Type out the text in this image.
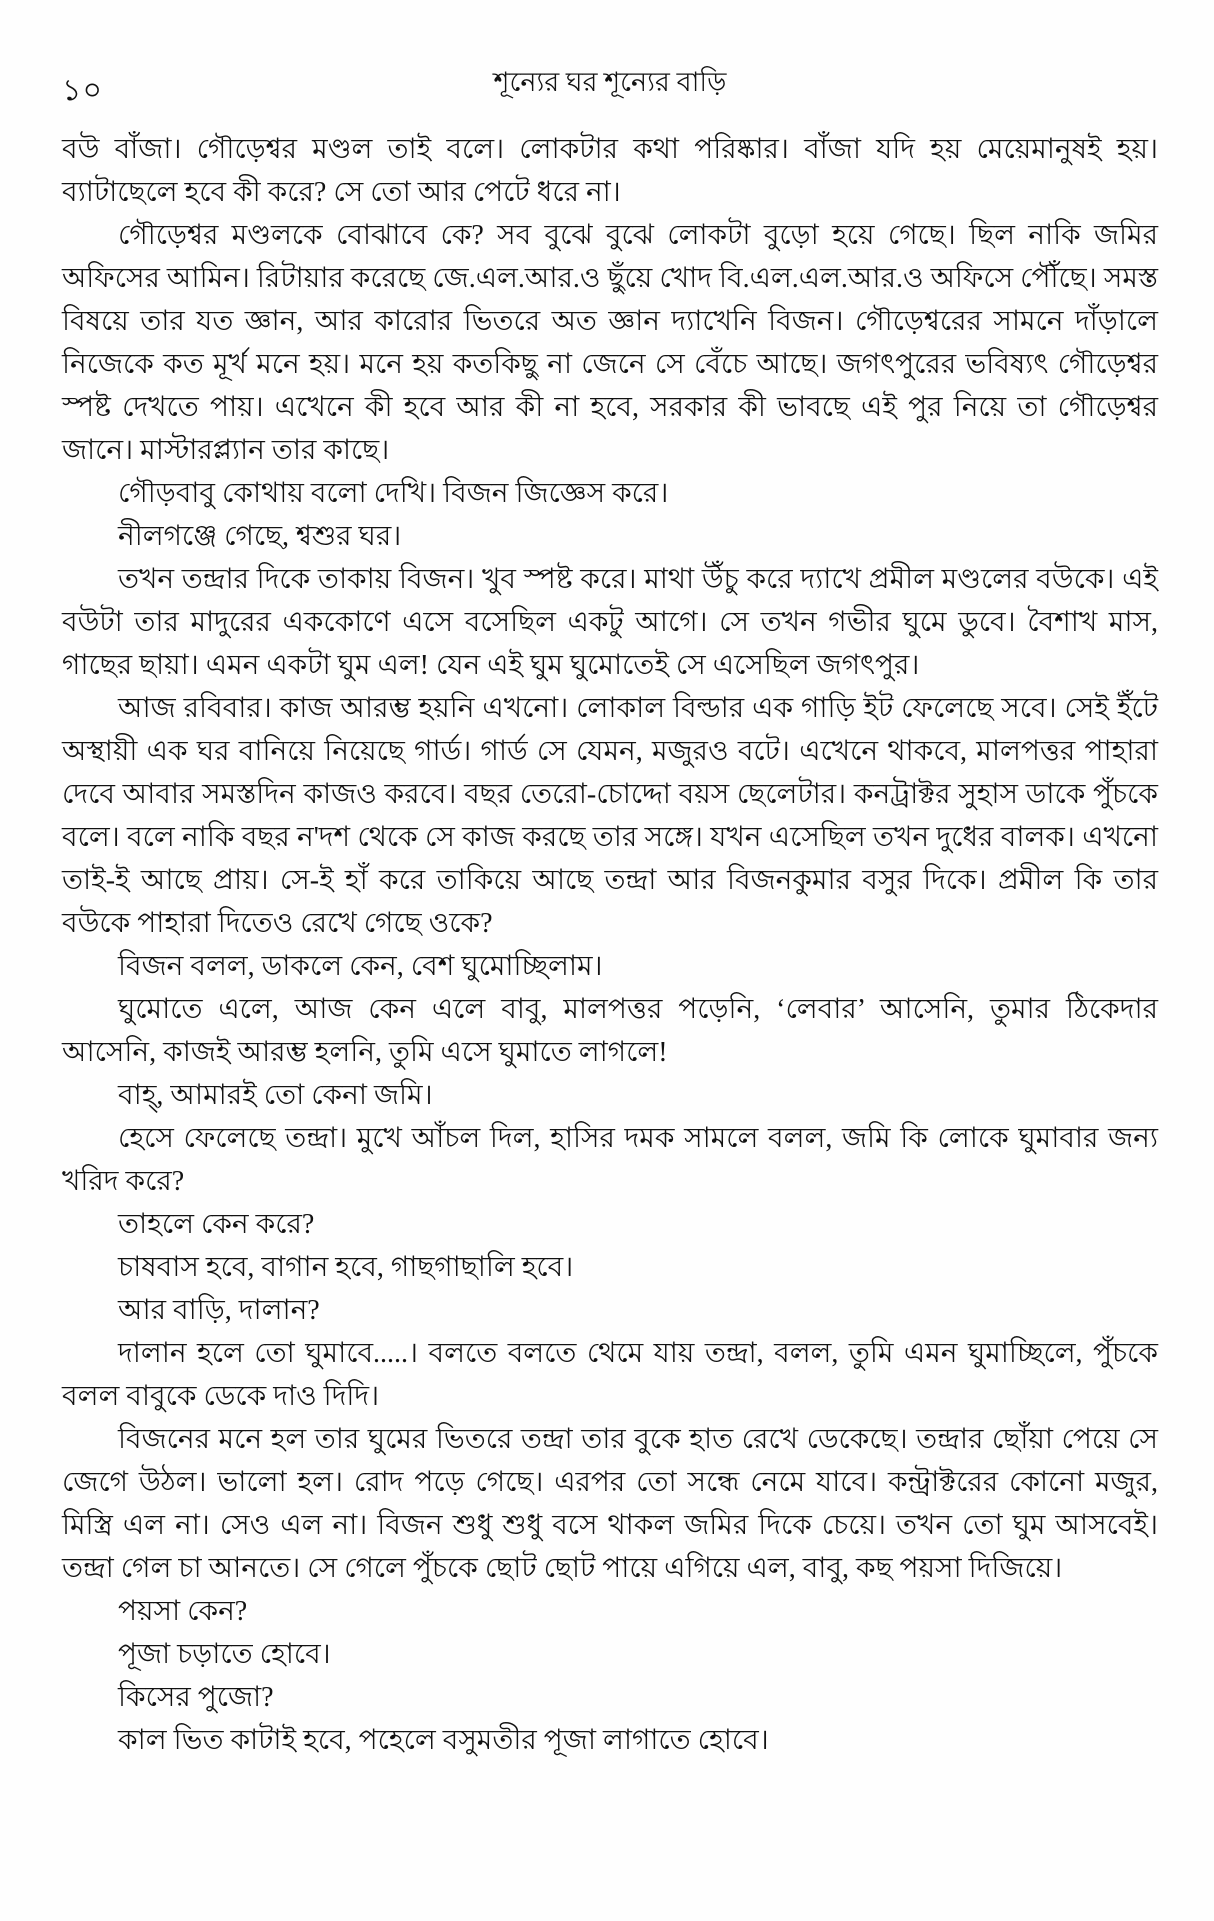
১০	শূন্যের ঘর শূন্যের বাড়ি

বউ বাঁজা। গৌড়েশ্বর মণ্ডল তাই বলে। লোকটার কথা পরিষ্কার। বাঁজা যদি হয় মেয়েমানুষই হয়। ব্যাটাছেলে হবে কী করে? সে তো আর পেটে ধরে না।

গৌড়েশ্বর মণ্ডলকে বোঝাবে কে? সব বুঝে বুঝে লোকটা বুড়ো হয়ে গেছে। ছিল নাকি জমির অফিসের আমিন। রিটায়ার করেছে জে.এল.আর.ও ছুঁয়ে খোদ বি.এল.এল.আর.ও অফিসে পৌঁছে। সমস্ত বিষয়ে তার যত জ্ঞান, আর কারোর ভিতরে অত জ্ঞান দ্যাখেনি বিজন। গৌড়েশ্বরের সামনে দাঁড়ালে নিজেকে কত মূর্খ মনে হয়। মনে হয় কতকিছু না জেনে সে বেঁচে আছে। জগৎপুরের ভবিষ্যৎ গৌড়েশ্বর স্পষ্ট দেখতে পায়। এখেনে কী হবে আর কী না হবে, সরকার কী ভাবছে এই পুর নিয়ে তা গৌড়েশ্বর জানে। মাস্টারপ্ল্যান তার কাছে।

গৌড়বাবু কোথায় বলো দেখি। বিজন জিজ্ঞেস করে।

নীলগঞ্জে গেছে, শ্বশুর ঘর।

তখন তন্দ্রার দিকে তাকায় বিজন। খুব স্পষ্ট করে। মাথা উঁচু করে দ্যাখে প্রমীল মণ্ডলের বউকে। এই বউটা তার মাদুরের এককোণে এসে বসেছিল একটু আগে। সে তখন গভীর ঘুমে ডুবে। বৈশাখ মাস, গাছের ছায়া। এমন একটা ঘুম এল! যেন এই ঘুম ঘুমোতেই সে এসেছিল জগৎপুর।

আজ রবিবার। কাজ আরম্ভ হয়নি এখনো। লোকাল বিল্ডার এক গাড়ি ইট ফেলেছে সবে। সেই ইঁটে অস্থায়ী এক ঘর বানিয়ে নিয়েছে গার্ড। গার্ড সে যেমন, মজুরও বটে। এখেনে থাকবে, মালপত্তর পাহারা দেবে আবার সমস্তদিন কাজও করবে। বছর তেরো-চোদ্দো বয়স ছেলেটার। কনট্রাক্টর সুহাস ডাকে পুঁচকে বলে। বলে নাকি বছর ন'দশ থেকে সে কাজ করছে তার সঙ্গে। যখন এসেছিল তখন দুধের বালক। এখনো তাই-ই আছে প্রায়। সে-ই হাঁ করে তাকিয়ে আছে তন্দ্রা আর বিজনকুমার বসুর দিকে। প্রমীল কি তার বউকে পাহারা দিতেও রেখে গেছে ওকে?

বিজন বলল, ডাকলে কেন, বেশ ঘুমোচ্ছিলাম।

ঘুমোতে এলে, আজ কেন এলে বাবু, মালপত্তর পড়েনি, ‘লেবার’ আসেনি, তুমার ঠিকেদার আসেনি, কাজই আরম্ভ হলনি, তুমি এসে ঘুমাতে লাগলে!

বাহ্, আমারই তো কেনা জমি।

হেসে ফেলেছে তন্দ্রা। মুখে আঁচল দিল, হাসির দমক সামলে বলল, জমি কি লোকে ঘুমাবার জন্য খরিদ করে?

তাহলে কেন করে?

চাষবাস হবে, বাগান হবে, গাছগাছালি হবে।

আর বাড়ি, দালান?

দালান হলে তো ঘুমাবে.....। বলতে বলতে থেমে যায় তন্দ্রা, বলল, তুমি এমন ঘুমাচ্ছিলে, পুঁচকে বলল বাবুকে ডেকে দাও দিদি।

বিজনের মনে হল তার ঘুমের ভিতরে তন্দ্রা তার বুকে হাত রেখে ডেকেছে। তন্দ্রার ছোঁয়া পেয়ে সে জেগে উঠল। ভালো হল। রোদ পড়ে গেছে। এরপর তো সন্ধে নেমে যাবে। কন্ট্রাক্টরের কোনো মজুর, মিস্ত্রি এল না। সেও এল না। বিজন শুধু শুধু বসে থাকল জমির দিকে চেয়ে। তখন তো ঘুম আসবেই। তন্দ্রা গেল চা আনতে। সে গেলে পুঁচকে ছোট ছোট পায়ে এগিয়ে এল, বাবু, কছ পয়সা দিজিয়ে।

পয়সা কেন?

পূজা চড়াতে হোবে।

কিসের পুজো?

কাল ভিত কাটাই হবে, পহেলে বসুমতীর পূজা লাগাতে হোবে।
